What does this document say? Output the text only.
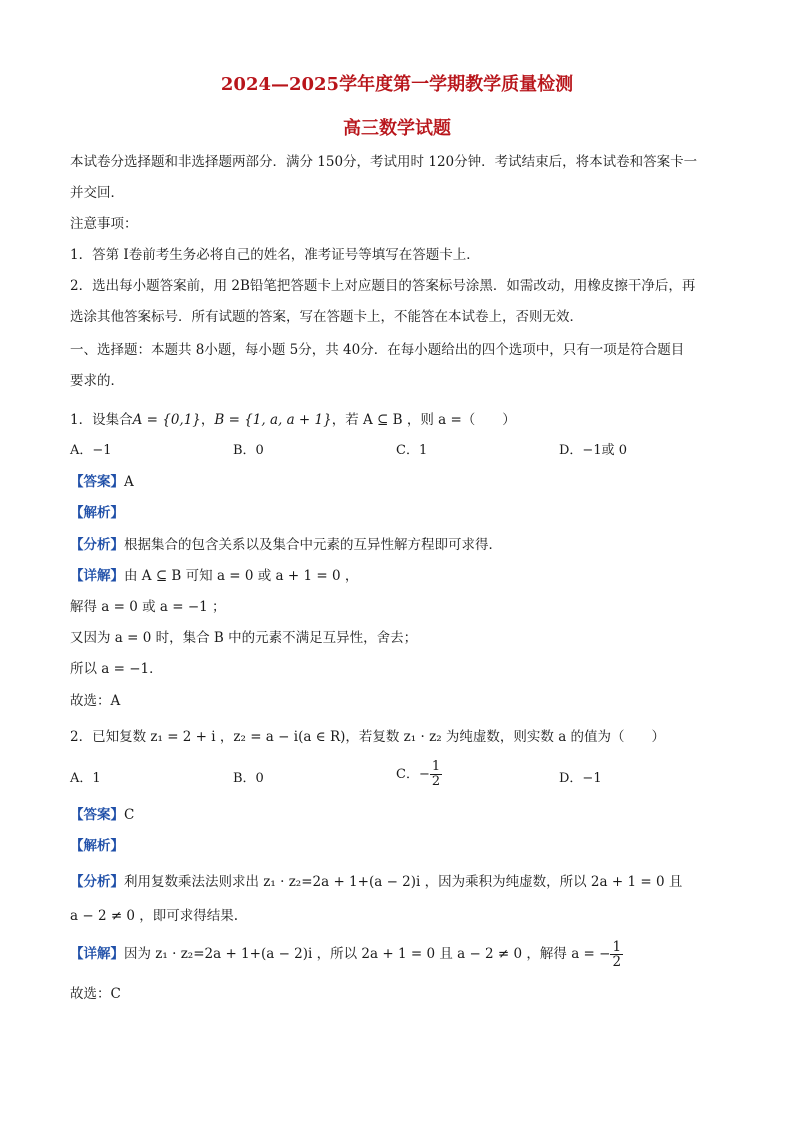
2024—2025学年度第一学期教学质量检测
高三数学试题
本试卷分选择题和非选择题两部分．满分 150分，考试用时 120分钟．考试结束后，将本试卷和答案卡一
并交回．
注意事项：
1．答第 I卷前考生务必将自己的姓名，准考证号等填写在答题卡上．
2．选出每小题答案前，用 2B铅笔把答题卡上对应题目的答案标号涂黑．如需改动，用橡皮擦干净后，再
选涂其他答案标号．所有试题的答案，写在答题卡上，不能答在本试卷上，否则无效．
一、选择题：本题共 8小题，每小题 5分，共 40分．在每小题给出的四个选项中，只有一项是符合题目
要求的．
1．设集合A = {0,1}，B = {1, a, a + 1}，若 A ⊆ B ，则 a =（　　）
A．−1	B．0	C．1	D．−1或 0
【答案】A
【解析】
【分析】根据集合的包含关系以及集合中元素的互异性解方程即可求得．
【详解】由 A ⊆ B 可知 a = 0 或 a + 1 = 0 ，
解得 a = 0 或 a = −1 ；
又因为 a = 0 时，集合 B 中的元素不满足互异性，舍去；
所以 a = −1．
故选：A
2．已知复数 z₁ = 2 + i ，z₂ = a − i(a ∈ R)，若复数 z₁ · z₂ 为纯虚数，则实数 a 的值为（　　）
A．1	B．0	C．− $\frac{1}{2}$	D．−1
【答案】C
【解析】
【分析】利用复数乘法法则求出 z₁ · z₂=2a + 1+(a − 2)i ，因为乘积为纯虚数，所以 2a + 1 = 0 且
a − 2 ≠ 0 ，即可求得结果.
【详解】因为 z₁ · z₂=2a + 1+(a − 2)i ，所以 2a + 1 = 0 且 a − 2 ≠ 0 ，解得 a = − $\frac{1}{2}$
故选：C
